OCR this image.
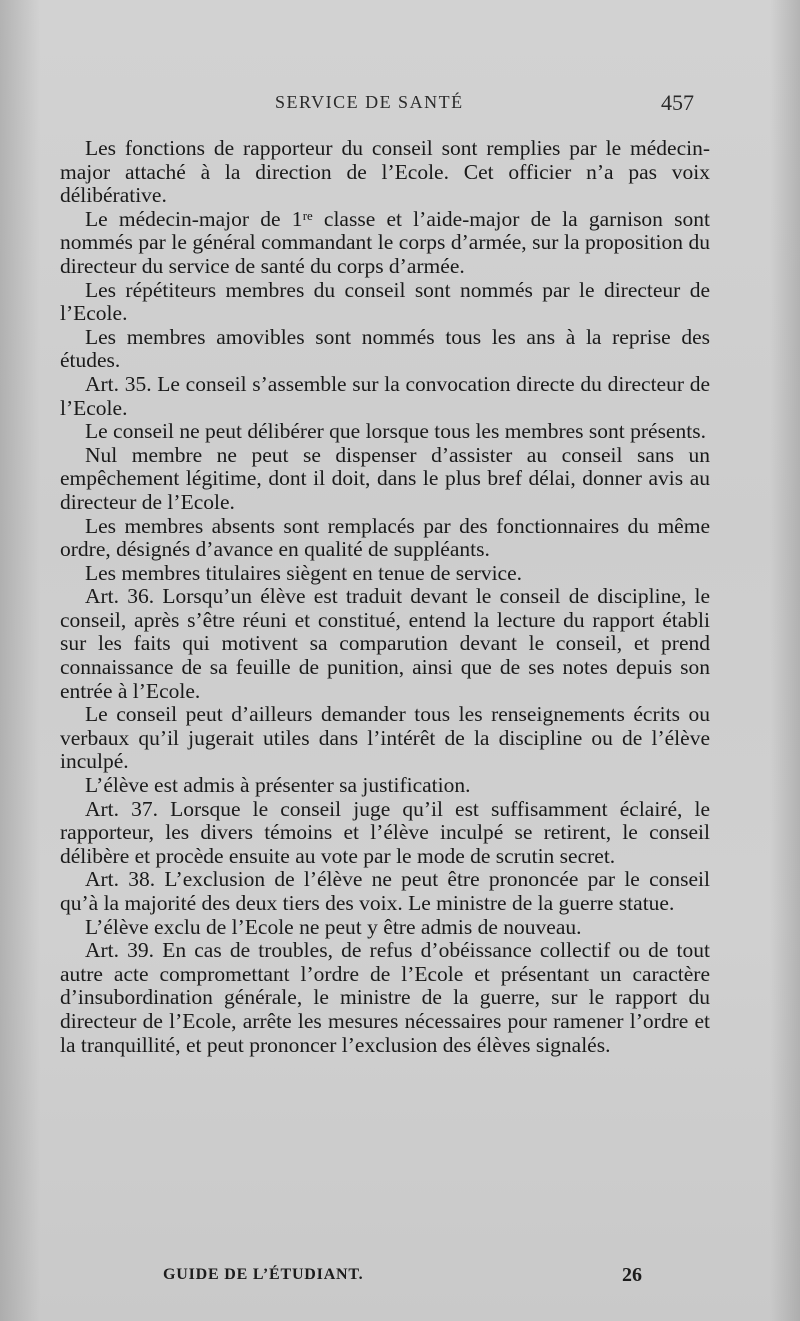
SERVICE DE SANTÉ	457

Les fonctions de rapporteur du conseil sont remplies par le médecin-major attaché à la direction de l’Ecole. Cet officier n’a pas voix délibérative.

Le médecin-major de 1ʳᵉ classe et l’aide-major de la garnison sont nommés par le général commandant le corps d’armée, sur la proposition du directeur du service de santé du corps d’armée.

Les répétiteurs membres du conseil sont nommés par le directeur de l’Ecole.

Les membres amovibles sont nommés tous les ans à la reprise des études.

Art. 35. Le conseil s’assemble sur la convocation directe du directeur de l’Ecole.

Le conseil ne peut délibérer que lorsque tous les membres sont présents.

Nul membre ne peut se dispenser d’assister au conseil sans un empêchement légitime, dont il doit, dans le plus bref délai, donner avis au directeur de l’Ecole.

Les membres absents sont remplacés par des fonctionnaires du même ordre, désignés d’avance en qualité de suppléants.

Les membres titulaires siègent en tenue de service.

Art. 36. Lorsqu’un élève est traduit devant le conseil de discipline, le conseil, après s’être réuni et constitué, entend la lecture du rapport établi sur les faits qui motivent sa comparution devant le conseil, et prend connaissance de sa feuille de punition, ainsi que de ses notes depuis son entrée à l’Ecole.

Le conseil peut d’ailleurs demander tous les renseignements écrits ou verbaux qu’il jugerait utiles dans l’intérêt de la discipline ou de l’élève inculpé.

L’élève est admis à présenter sa justification.

Art. 37. Lorsque le conseil juge qu’il est suffisamment éclairé, le rapporteur, les divers témoins et l’élève inculpé se retirent, le conseil délibère et procède ensuite au vote par le mode de scrutin secret.

Art. 38. L’exclusion de l’élève ne peut être prononcée par le conseil qu’à la majorité des deux tiers des voix. Le ministre de la guerre statue.

L’élève exclu de l’Ecole ne peut y être admis de nouveau.

Art. 39. En cas de troubles, de refus d’obéissance collectif ou de tout autre acte compromettant l’ordre de l’Ecole et présentant un caractère d’insubordination générale, le ministre de la guerre, sur le rapport du directeur de l’Ecole, arrête les mesures nécessaires pour ramener l’ordre et la tranquillité, et peut prononcer l’exclusion des élèves signalés.

GUIDE DE L’ÉTUDIANT.	26
